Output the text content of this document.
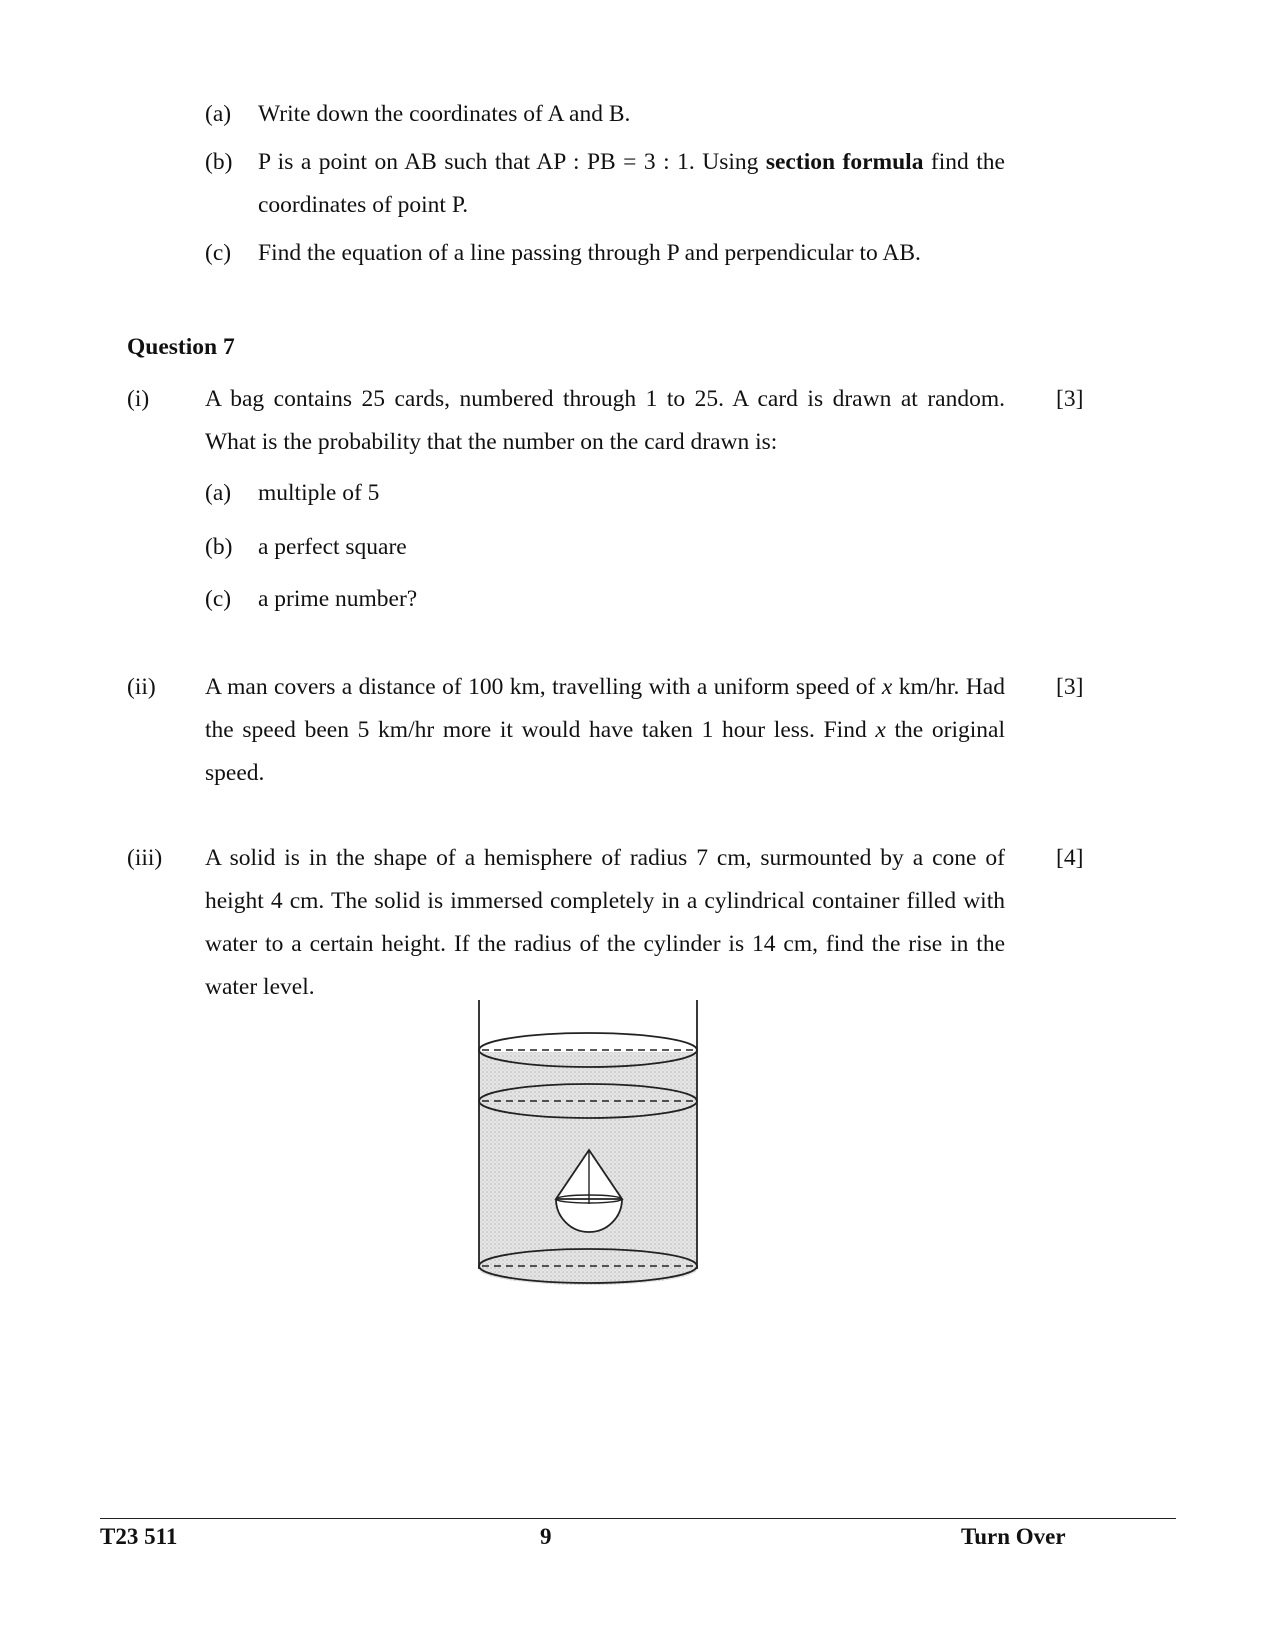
(a) Write down the coordinates of A and B.
(b) P is a point on AB such that AP : PB = 3 : 1. Using section formula find the coordinates of point P.
(c) Find the equation of a line passing through P and perpendicular to AB.
Question 7
(i) A bag contains 25 cards, numbered through 1 to 25. A card is drawn at random. What is the probability that the number on the card drawn is:
[3]
(a) multiple of 5
(b) a perfect square
(c) a prime number?
(ii) A man covers a distance of 100 km, travelling with a uniform speed of x km/hr. Had the speed been 5 km/hr more it would have taken 1 hour less. Find x the original speed.
[3]
(iii) A solid is in the shape of a hemisphere of radius 7 cm, surmounted by a cone of height 4 cm. The solid is immersed completely in a cylindrical container filled with water to a certain height. If the radius of the cylinder is 14 cm, find the rise in the water level.
[4]
T23 511	9	Turn Over
